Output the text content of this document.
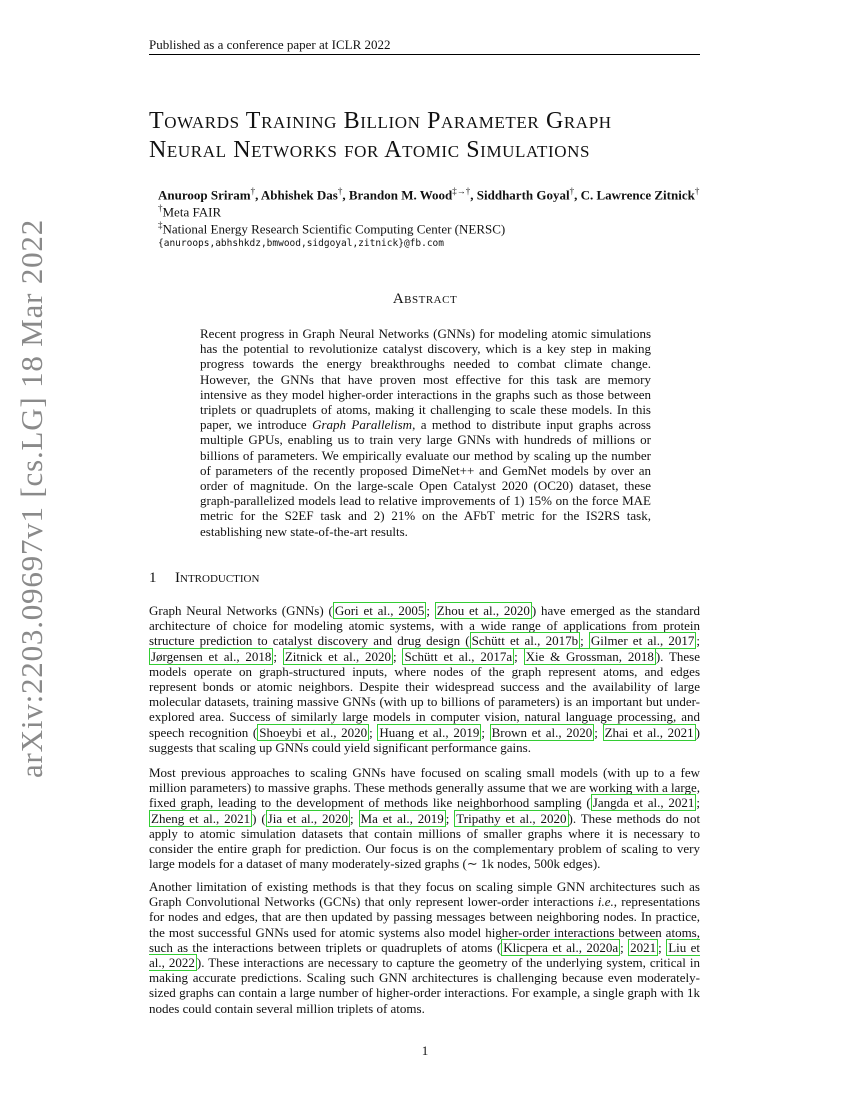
Published as a conference paper at ICLR 2022
arXiv:2203.09697v1 [cs.LG] 18 Mar 2022
Towards Training Billion Parameter Graph
Neural Networks for Atomic Simulations
Anuroop Sriram†, Abhishek Das†, Brandon M. Wood‡→†, Siddharth Goyal†, C. Lawrence Zitnick†
†Meta FAIR
‡National Energy Research Scientific Computing Center (NERSC)
{anuroops,abhshkdz,bmwood,sidgoyal,zitnick}@fb.com
Abstract
Recent progress in Graph Neural Networks (GNNs) for modeling atomic simulations has the potential to revolutionize catalyst discovery, which is a key step in making progress towards the energy breakthroughs needed to combat climate change. However, the GNNs that have proven most effective for this task are memory intensive as they model higher-order interactions in the graphs such as those between triplets or quadruplets of atoms, making it challenging to scale these models. In this paper, we introduce Graph Parallelism, a method to distribute input graphs across multiple GPUs, enabling us to train very large GNNs with hundreds of millions or billions of parameters. We empirically evaluate our method by scaling up the number of parameters of the recently proposed DimeNet++ and GemNet models by over an order of magnitude. On the large-scale Open Catalyst 2020 (OC20) dataset, these graph-parallelized models lead to relative improvements of 1) 15% on the force MAE metric for the S2EF task and 2) 21% on the AFbT metric for the IS2RS task, establishing new state-of-the-art results.
1 Introduction
Graph Neural Networks (GNNs) ( Gori et al., 2005 ; Zhou et al., 2020 ) have emerged as the standard architecture of choice for modeling atomic systems, with a wide range of applications from protein structure prediction to catalyst discovery and drug design ( Schütt et al., 2017b ; Gilmer et al., 2017 ; Jørgensen et al., 2018 ; Zitnick et al., 2020 ; Schütt et al., 2017a ; Xie & Grossman, 2018 ). These models operate on graph-structured inputs, where nodes of the graph represent atoms, and edges represent bonds or atomic neighbors. Despite their widespread success and the availability of large molecular datasets, training massive GNNs (with up to billions of parameters) is an important but under-explored area. Success of similarly large models in computer vision, natural language processing, and speech recognition ( Shoeybi et al., 2020 ; Huang et al., 2019 ; Brown et al., 2020 ; Zhai et al., 2021 ) suggests that scaling up GNNs could yield significant performance gains.
Most previous approaches to scaling GNNs have focused on scaling small models (with up to a few million parameters) to massive graphs. These methods generally assume that we are working with a large, fixed graph, leading to the development of methods like neighborhood sampling ( Jangda et al., 2021 ; Zheng et al., 2021 ) ( Jia et al., 2020 ; Ma et al., 2019 ; Tripathy et al., 2020 ). These methods do not apply to atomic simulation datasets that contain millions of smaller graphs where it is necessary to consider the entire graph for prediction. Our focus is on the complementary problem of scaling to very large models for a dataset of many moderately-sized graphs (∼ 1k nodes, 500k edges).
Another limitation of existing methods is that they focus on scaling simple GNN architectures such as Graph Convolutional Networks (GCNs) that only represent lower-order interactions i.e., representations for nodes and edges, that are then updated by passing messages between neighboring nodes. In practice, the most successful GNNs used for atomic systems also model higher-order interactions between atoms, such as the interactions between triplets or quadruplets of atoms ( Klicpera et al., 2020a ; 2021 ; Liu et al., 2022 ). These interactions are necessary to capture the geometry of the underlying system, critical in making accurate predictions. Scaling such GNN architectures is challenging because even moderately-sized graphs can contain a large number of higher-order interactions. For example, a single graph with 1k nodes could contain several million triplets of atoms.
1
